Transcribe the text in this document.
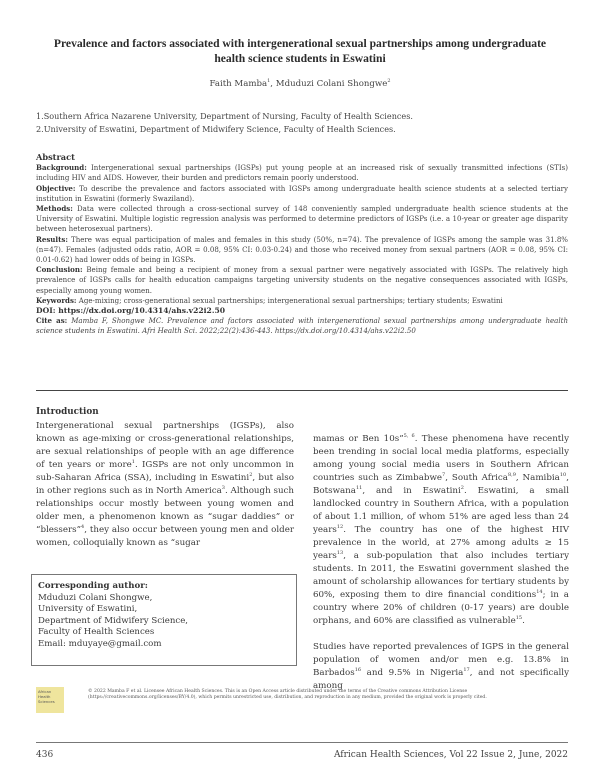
Prevalence and factors associated with intergenerational sexual partnerships among undergraduate health science students in Eswatini
Faith Mamba$^1$, Mduduzi Colani Shongwe$^2$
1.Southern Africa Nazarene University, Department of Nursing, Faculty of Health Sciences.
2.University of Eswatini, Department of Midwifery Science, Faculty of Health Sciences.
Abstract

Background: Intergenerational sexual partnerships (IGSPs) put young people at an increased risk of sexually transmitted infections (STIs) including HIV and AIDS. However, their burden and predictors remain poorly understood.

Objective: To describe the prevalence and factors associated with IGSPs among undergraduate health science students at a selected tertiary institution in Eswatini (formerly Swaziland).

Methods: Data were collected through a cross-sectional survey of 148 conveniently sampled undergraduate health science students at the University of Eswatini. Multiple logistic regression analysis was performed to determine predictors of IGSPs (i.e. a 10-year or greater age disparity between heterosexual partners).

Results: There was equal participation of males and females in this study (50%, n=74). The prevalence of IGSPs among the sample was 31.8% (n=47). Females (adjusted odds ratio, AOR = 0.08, 95% CI: 0.03-0.24) and those who received money from sexual partners (AOR = 0.08, 95% CI: 0.01-0.62) had lower odds of being in IGSPs.

Conclusion: Being female and being a recipient of money from a sexual partner were negatively associated with IGSPs. The relatively high prevalence of IGSPs calls for health education campaigns targeting university students on the negative consequences associated with IGSPs, especially among young women.

Keywords: Age-mixing; cross-generational sexual partnerships; intergenerational sexual partnerships; tertiary students; Eswatini

DOI: https://dx.doi.org/10.4314/ahs.v22i2.50

Cite as: Mamba F, Shongwe MC. Prevalence and factors associated with intergenerational sexual partnerships among undergraduate health science students in Eswatini. Afri Health Sci. 2022;22(2):436-443. https://dx.doi.org/10.4314/ahs.v22i2.50

Introduction

Intergenerational sexual partnerships (IGSPs), also known as age-mixing or cross-generational relationships, are sexual relationships of people with an age difference of ten years or more$^1$. IGSPs are not only uncommon in sub-Saharan Africa (SSA), including in Eswatini$^2$, but also in other regions such as in North America$^3$. Although such relationships occur mostly between young women and older men, a phenomenon known as “sugar daddies” or “blessers”$^4$, they also occur between young men and older women, colloquially known as “sugar

mamas or Ben 10s”$^{5, 6}$. These phenomena have recently been trending in social local media platforms, especially among young social media users in Southern African countries such as Zimbabwe$^7$, South Africa$^{8,9}$, Namibia$^{10}$, Botswana$^{11}$, and in Eswatini$^2$. Eswatini, a small landlocked country in Southern Africa, with a population of about 1.1 million, of whom 51% are aged less than 24 years$^{12}$. The country has one of the highest HIV prevalence in the world, at 27% among adults ≥ 15 years$^{13}$, a sub-population that also includes tertiary students. In 2011, the Eswatini government slashed the amount of scholarship allowances for tertiary students by 60%, exposing them to dire financial conditions$^{14}$; in a country where 20% of children (0-17 years) are double orphans, and 60% are classified as vulnerable$^{15}$.

Studies have reported prevalences of IGPS in the general population of women and/or men e.g. 13.8% in Barbados$^{16}$ and 9.5% in Nigeria$^{17}$, and not specifically among

Corresponding author:
Mduduzi Colani Shongwe,
University of Eswatini,
Department of Midwifery Science,
Faculty of Health Sciences
Email: mduyaye@gmail.com
African
Health Sciences
© 2022 Mamba F et al. Licensee African Health Sciences. This is an Open Access article distributed under the terms of the Creative commons Attribution License (https://creativecommons.org/licenses/BY/4.0), which permits unrestricted use, distribution, and reproduction in any medium, provided the original work is properly cited.
436	African Health Sciences, Vol 22 Issue 2, June, 2022
